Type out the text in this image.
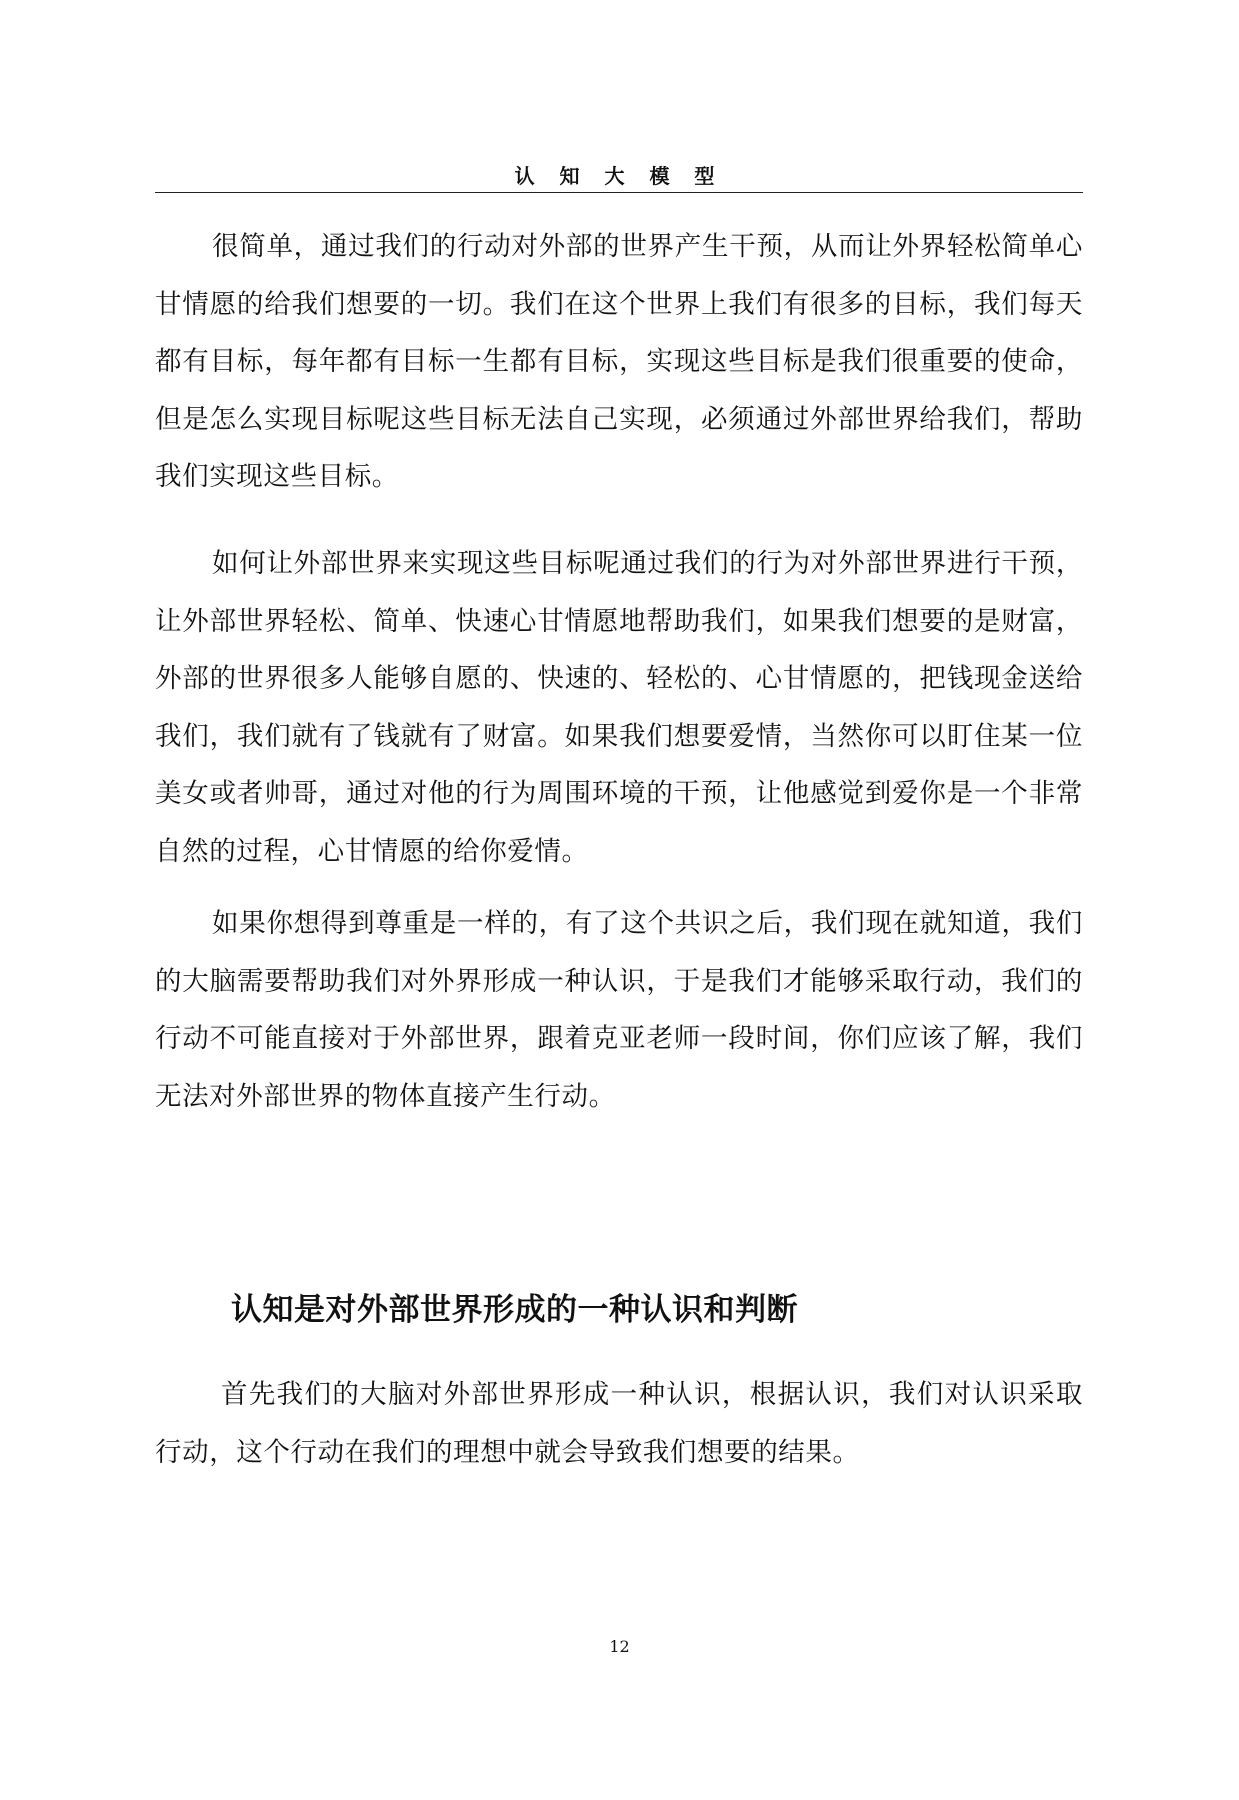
认 知 大 模 型

很简单，通过我们的行动对外部的世界产生干预，从而让外界轻松简单心甘情愿的给我们想要的一切。我们在这个世界上我们有很多的目标，我们每天都有目标，每年都有目标一生都有目标，实现这些目标是我们很重要的使命，但是怎么实现目标呢这些目标无法自己实现，必须通过外部世界给我们，帮助我们实现这些目标。

如何让外部世界来实现这些目标呢通过我们的行为对外部世界进行干预，让外部世界轻松、简单、快速心甘情愿地帮助我们，如果我们想要的是财富，外部的世界很多人能够自愿的、快速的、轻松的、心甘情愿的，把钱现金送给我们，我们就有了钱就有了财富。如果我们想要爱情，当然你可以盯住某一位美女或者帅哥，通过对他的行为周围环境的干预，让他感觉到爱你是一个非常自然的过程，心甘情愿的给你爱情。

如果你想得到尊重是一样的，有了这个共识之后，我们现在就知道，我们的大脑需要帮助我们对外界形成一种认识，于是我们才能够采取行动，我们的行动不可能直接对于外部世界，跟着克亚老师一段时间，你们应该了解，我们无法对外部世界的物体直接产生行动。

认知是对外部世界形成的一种认识和判断

首先我们的大脑对外部世界形成一种认识，根据认识，我们对认识采取行动，这个行动在我们的理想中就会导致我们想要的结果。

12
